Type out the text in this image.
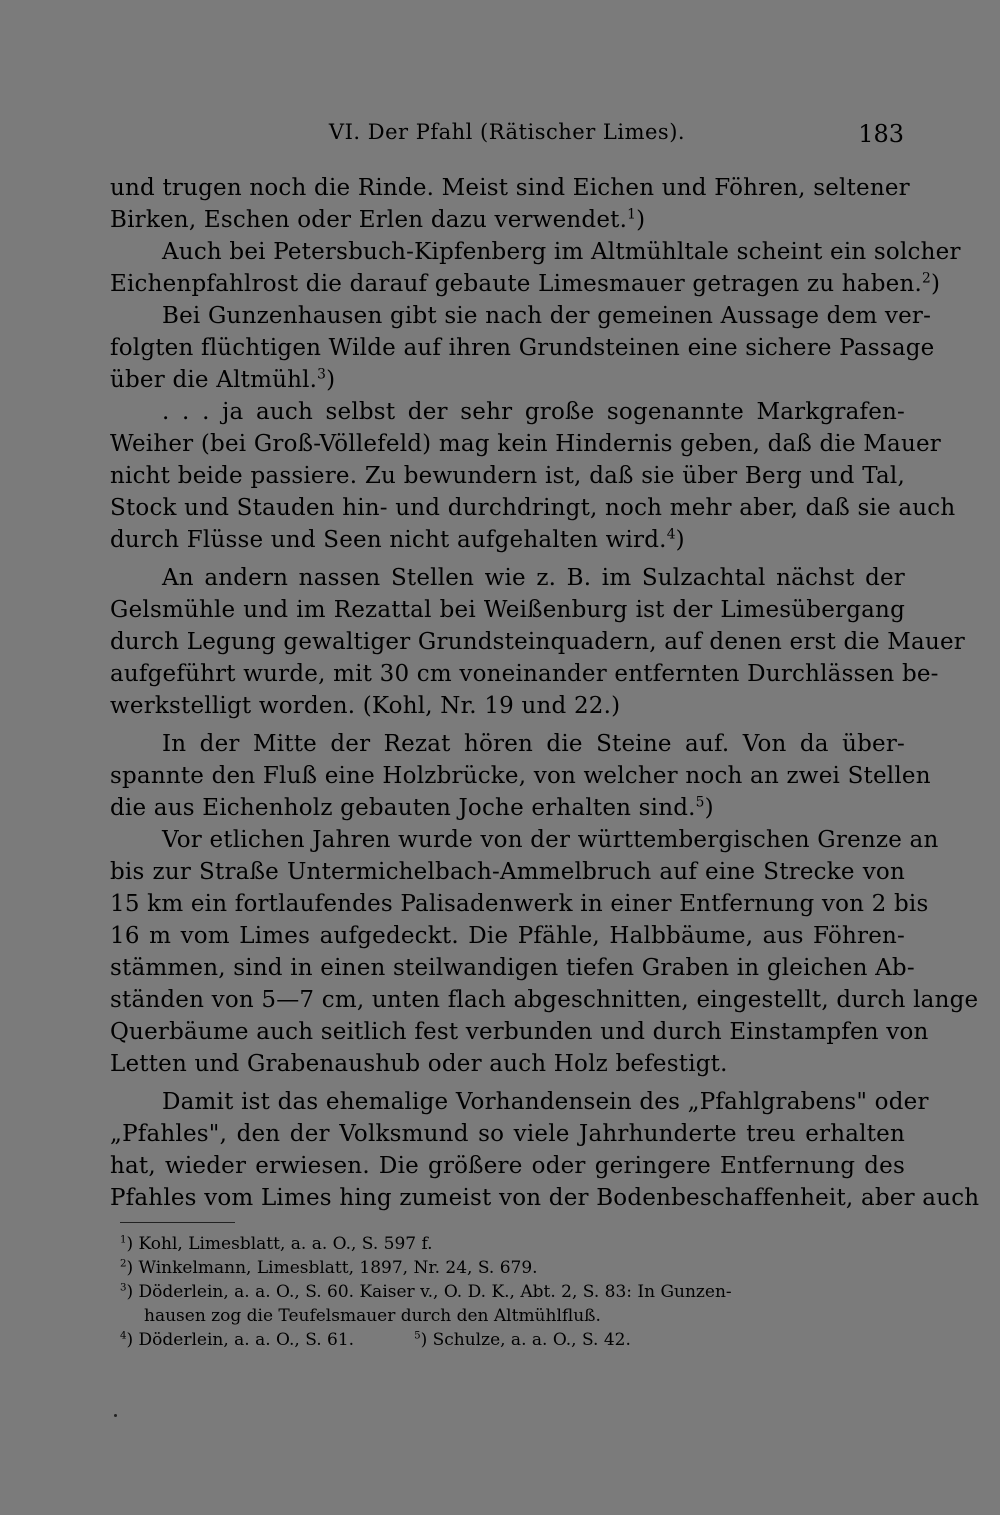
VI. Der Pfahl (Rätischer Limes).	183
und trugen noch die Rinde. Meist sind Eichen und Föhren, seltener
Birken, Eschen oder Erlen dazu verwendet.$^1$)
Auch bei Petersbuch-Kipfenberg im Altmühltale scheint ein solcher
Eichenpfahlrost die darauf gebaute Limesmauer getragen zu haben.$^2$)
Bei Gunzenhausen gibt sie nach der gemeinen Aussage dem ver-
folgten flüchtigen Wilde auf ihren Grundsteinen eine sichere Passage
über die Altmühl.$^3$)
. . . ja auch selbst der sehr große sogenannte Markgrafen-
Weiher (bei Groß-Völlefeld) mag kein Hindernis geben, daß die Mauer
nicht beide passiere. Zu bewundern ist, daß sie über Berg und Tal,
Stock und Stauden hin- und durchdringt, noch mehr aber, daß sie auch
durch Flüsse und Seen nicht aufgehalten wird.$^4$)
An andern nassen Stellen wie z. B. im Sulzachtal nächst der
Gelsmühle und im Rezattal bei Weißenburg ist der Limesübergang
durch Legung gewaltiger Grundsteinquadern, auf denen erst die Mauer
aufgeführt wurde, mit 30 cm voneinander entfernten Durchlässen be-
werkstelligt worden. (Kohl, Nr. 19 und 22.)
In der Mitte der Rezat hören die Steine auf. Von da über-
spannte den Fluß eine Holzbrücke, von welcher noch an zwei Stellen
die aus Eichenholz gebauten Joche erhalten sind.$^5$)
Vor etlichen Jahren wurde von der württembergischen Grenze an
bis zur Straße Untermichelbach-Ammelbruch auf eine Strecke von
15 km ein fortlaufendes Palisadenwerk in einer Entfernung von 2 bis
16 m vom Limes aufgedeckt. Die Pfähle, Halbbäume, aus Föhren-
stämmen, sind in einen steilwandigen tiefen Graben in gleichen Ab-
ständen von 5—7 cm, unten flach abgeschnitten, eingestellt, durch lange
Querbäume auch seitlich fest verbunden und durch Einstampfen von
Letten und Grabenaushub oder auch Holz befestigt.
Damit ist das ehemalige Vorhandensein des „Pfahlgrabens" oder
„Pfahles", den der Volksmund so viele Jahrhunderte treu erhalten
hat, wieder erwiesen. Die größere oder geringere Entfernung des
Pfahles vom Limes hing zumeist von der Bodenbeschaffenheit, aber auch
$^1$) Kohl, Limesblatt, a. a. O., S. 597 f.
$^2$) Winkelmann, Limesblatt, 1897, Nr. 24, S. 679.
$^3$) Döderlein, a. a. O., S. 60. Kaiser v., O. D. K., Abt. 2, S. 83: In Gunzen-
hausen zog die Teufelsmauer durch den Altmühlfluß.
$^4$) Döderlein, a. a. O., S. 61.	$^5$) Schulze, a. a. O., S. 42.
